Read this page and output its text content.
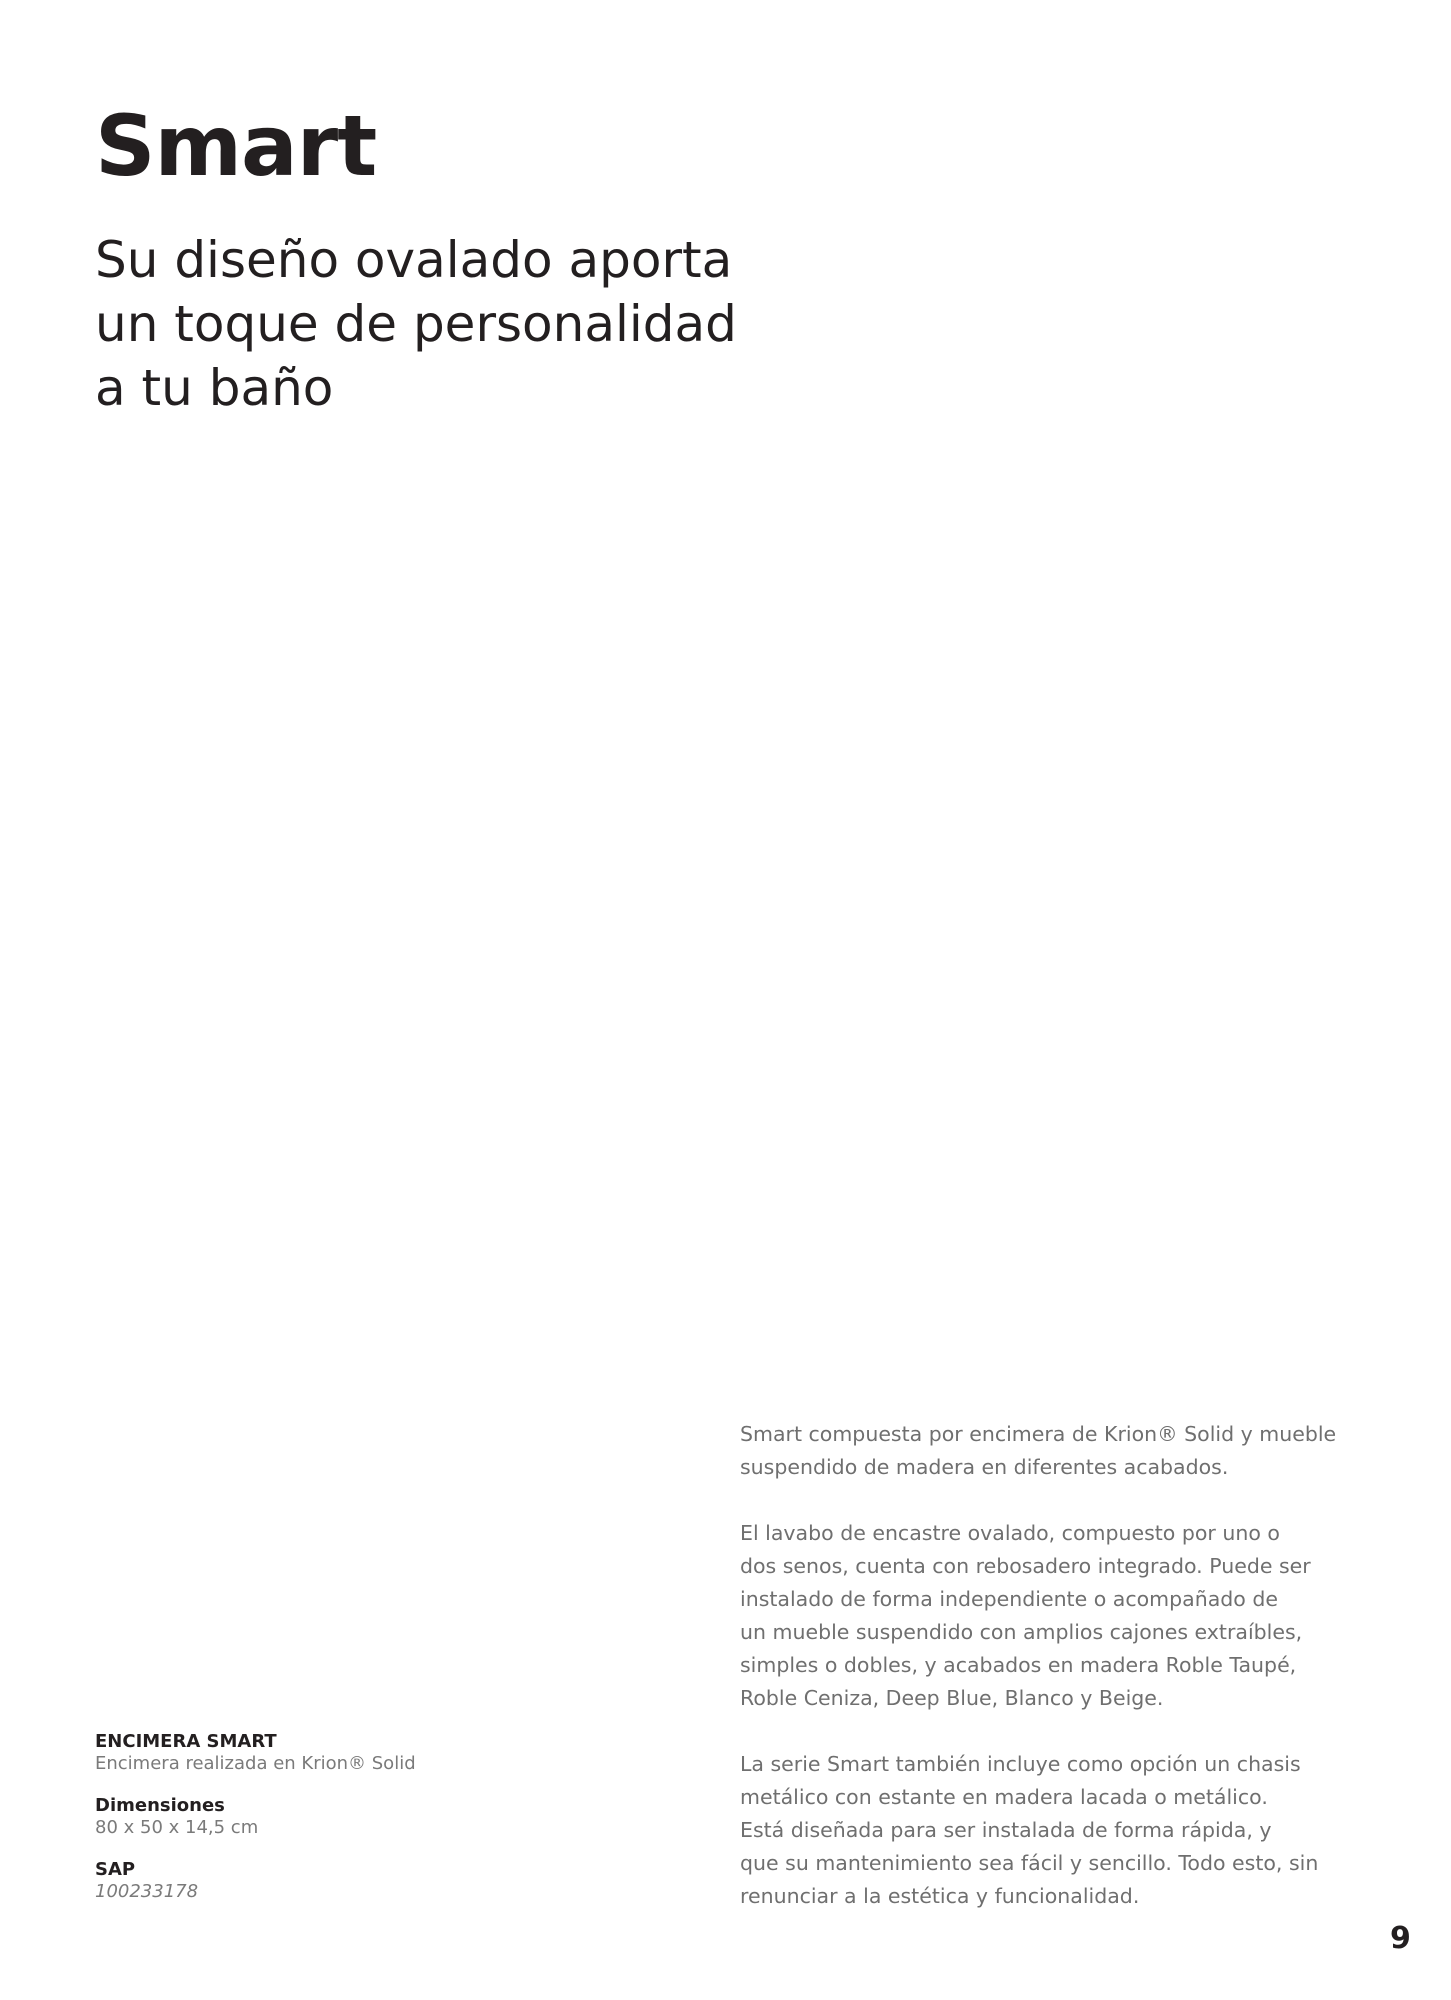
Smart
Su diseño ovalado aporta
un toque de personalidad
a tu baño
ENCIMERA SMART
Encimera realizada en Krion® Solid
Dimensiones
80 x 50 x 14,5 cm
SAP
100233178

Smart compuesta por encimera de Krion® Solid y mueble
suspendido de madera en diferentes acabados.

El lavabo de encastre ovalado, compuesto por uno o
dos senos, cuenta con rebosadero integrado. Puede ser
instalado de forma independiente o acompañado de
un mueble suspendido con amplios cajones extraíbles,
simples o dobles, y acabados en madera Roble Taupé,
Roble Ceniza, Deep Blue, Blanco y Beige.

La serie Smart también incluye como opción un chasis
metálico con estante en madera lacada o metálico.
Está diseñada para ser instalada de forma rápida, y
que su mantenimiento sea fácil y sencillo. Todo esto, sin
renunciar a la estética y funcionalidad.

9
